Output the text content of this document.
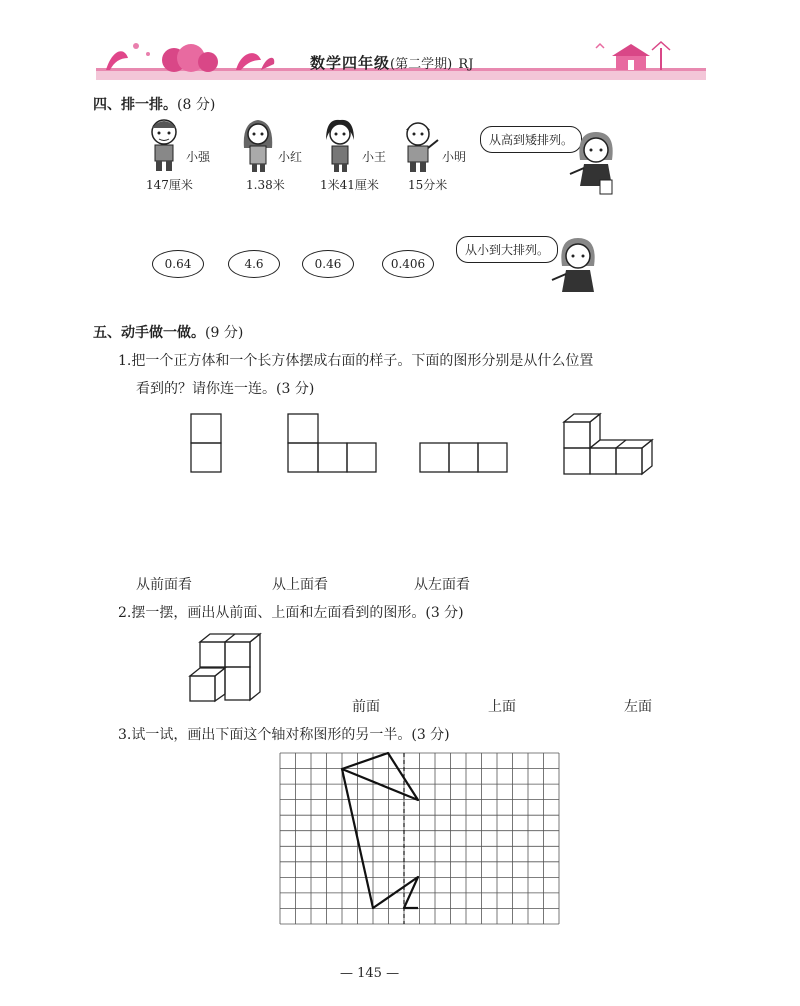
数学四年级(第二学期) RJ
四、排一排。(8 分)
小强
147厘米
小红
1.38米
小王
1米41厘米
小明
15分米
从高到矮排列。
0.64	4.6	0.46	0.406
从小到大排列。
五、动手做一做。(9 分)
1.把一个正方体和一个长方体摆成右面的样子。下面的图形分别是从什么位置
看到的？请你连一连。(3 分)
从前面看	从上面看	从左面看
2.摆一摆，画出从前面、上面和左面看到的图形。(3 分)
前面	上面	左面
3.试一试，画出下面这个轴对称图形的另一半。(3 分)
— 145 —
